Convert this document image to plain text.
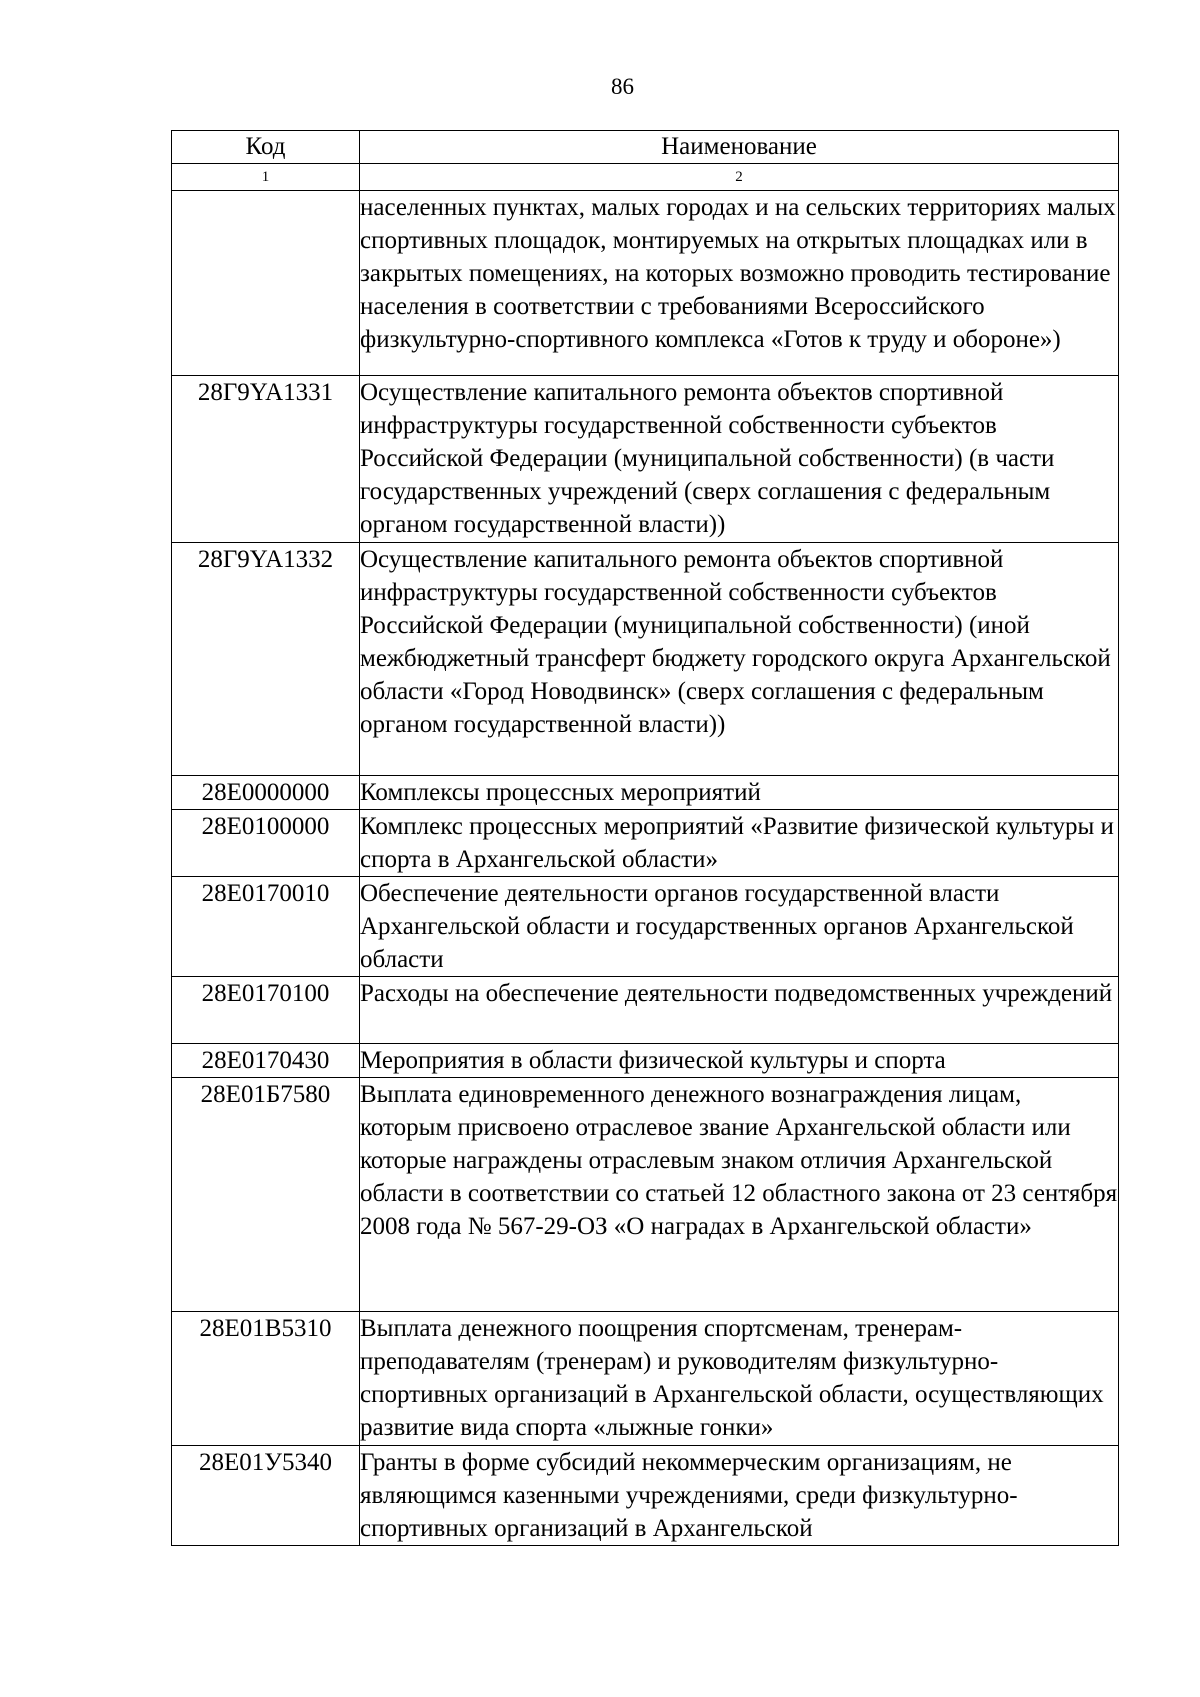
86
Код	Наименование
1	2
	населенных пунктах, малых городах и на сельских территориях малых спортивных площадок, монтируемых на открытых площадках или в закрытых помещениях, на которых возможно проводить тестирование населения в соответствии с требованиями Всероссийского физкультурно-спортивного комплекса «Готов к труду и обороне»)
28Г9YA1331	Осуществление капитального ремонта объектов спортивной инфраструктуры государственной собственности субъектов Российской Федерации (муниципальной собственности) (в части государственных учреждений (сверх соглашения с федеральным органом государственной власти))
28Г9YA1332	Осуществление капитального ремонта объектов спортивной инфраструктуры государственной собственности субъектов Российской Федерации (муниципальной собственности) (иной межбюджетный трансферт бюджету городского округа Архангельской области «Город Новодвинск» (сверх соглашения с федеральным органом государственной власти))
28Е0000000	Комплексы процессных мероприятий
28Е0100000	Комплекс процессных мероприятий «Развитие физической культуры и спорта в Архангельской области»
28Е0170010	Обеспечение деятельности органов государственной власти Архангельской области и государственных органов Архангельской области
28Е0170100	Расходы на обеспечение деятельности подведомственных учреждений
28Е0170430	Мероприятия в области физической культуры и спорта
28Е01Б7580	Выплата единовременного денежного вознаграждения лицам, которым присвоено отраслевое звание Архангельской области или которые награждены отраслевым знаком отличия Архангельской области в соответствии со статьей 12 областного закона от 23 сентября 2008 года № 567-29-ОЗ «О наградах в Архангельской области»
28Е01В5310	Выплата денежного поощрения спортсменам, тренерам-преподавателям (тренерам) и руководителям физкультурно-спортивных организаций в Архангельской области, осуществляющих развитие вида спорта «лыжные гонки»
28Е01У5340	Гранты в форме субсидий некоммерческим организациям, не являющимся казенными учреждениями, среди физкультурно-спортивных организаций в Архангельской
